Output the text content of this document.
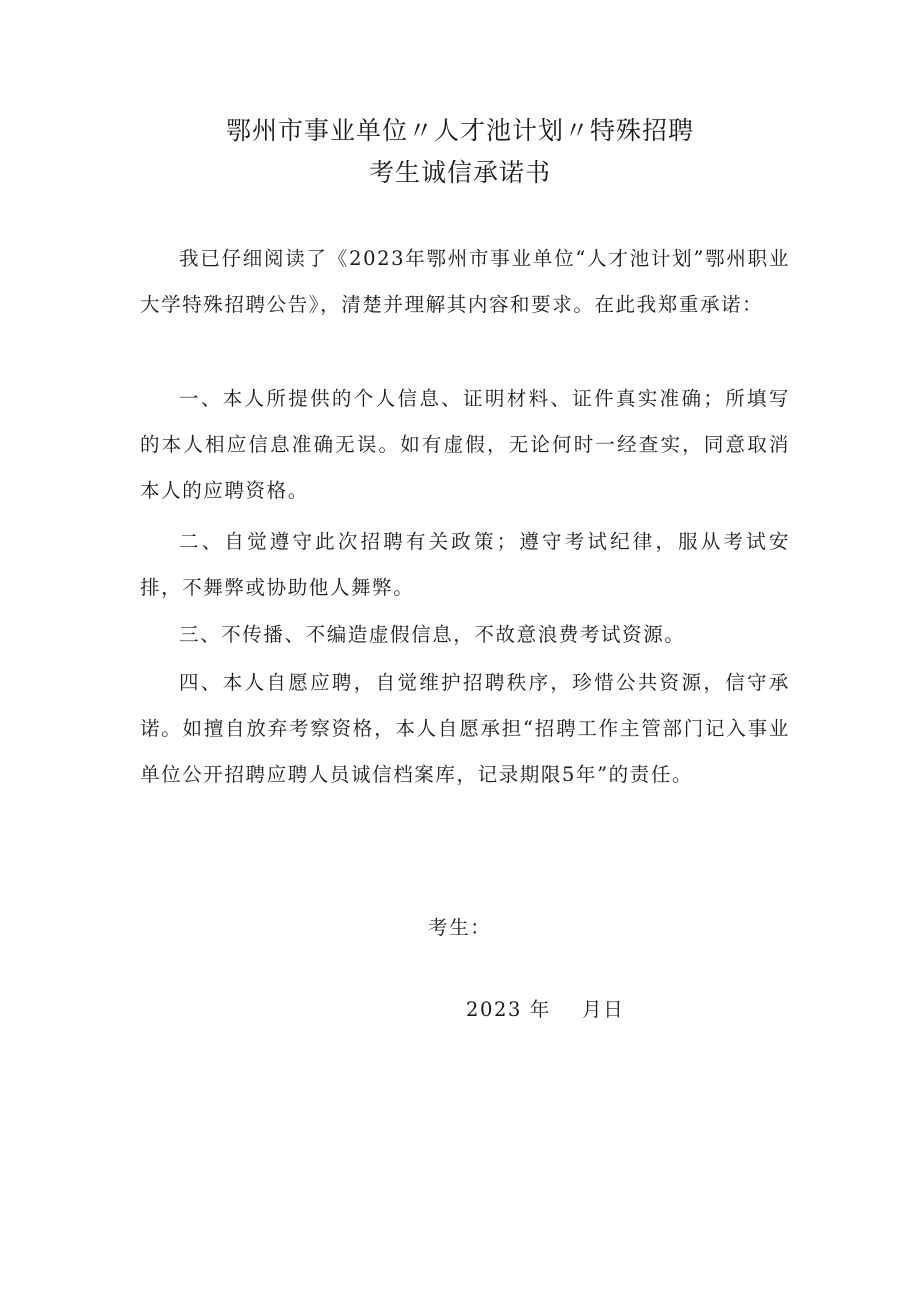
鄂州市事业单位〃人才池计划〃特殊招聘
考生诚信承诺书

我已仔细阅读了《2023年鄂州市事业单位“人才池计划”鄂州职业大学特殊招聘公告》，清楚并理解其内容和要求。在此我郑重承诺：

一、本人所提供的个人信息、证明材料、证件真实准确；所填写的本人相应信息准确无误。如有虚假，无论何时一经查实，同意取消本人的应聘资格。

二、自觉遵守此次招聘有关政策；遵守考试纪律，服从考试安排，不舞弊或协助他人舞弊。

三、不传播、不编造虚假信息，不故意浪费考试资源。

四、本人自愿应聘，自觉维护招聘秩序，珍惜公共资源，信守承诺。如擅自放弃考察资格，本人自愿承担“招聘工作主管部门记入事业单位公开招聘应聘人员诚信档案库，记录期限5年”的责任。

考生：
2023 年    月日
